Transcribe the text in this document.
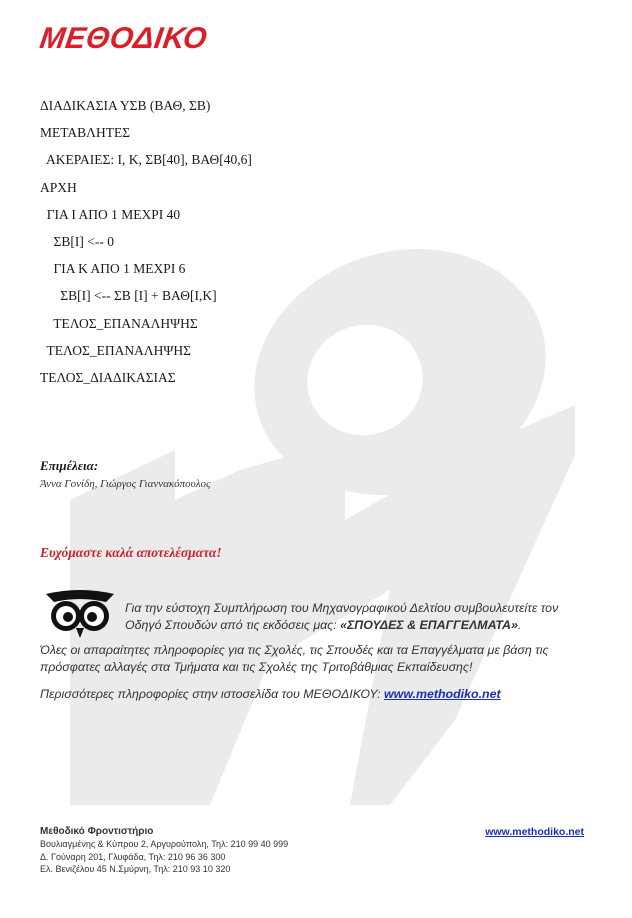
ΜΕΘΟΔΙΚΟ
ΔΙΑΔΙΚΑΣΙΑ ΥΣΒ (ΒΑΘ, ΣΒ)
ΜΕΤΑΒΛΗΤΕΣ
ΑΚΕΡΑΙΕΣ: Ι, Κ, ΣΒ[40], ΒΑΘ[40,6]
ΑΡΧΗ
ΓΙΑ Ι ΑΠΟ 1 ΜΕΧΡΙ 40
ΣΒ[Ι] <-- 0
ΓΙΑ Κ ΑΠΟ 1 ΜΕΧΡΙ 6
ΣΒ[Ι] <-- ΣΒ [Ι] + ΒΑΘ[Ι,Κ]
ΤΕΛΟΣ_ΕΠΑΝΑΛΗΨΗΣ
ΤΕΛΟΣ_ΕΠΑΝΑΛΗΨΗΣ
ΤΕΛΟΣ_ΔΙΑΔΙΚΑΣΙΑΣ
Επιμέλεια:
Άννα Γονίδη, Γιώργος Γιαννακόπουλος
Ευχόμαστε καλά αποτελέσματα!
Για την εύστοχη Συμπλήρωση του Μηχανογραφικού Δελτίου συμβουλευτείτε τον Οδηγό Σπουδών από τις εκδόσεις μας: «ΣΠΟΥΔΕΣ & ΕΠΑΓΓΕΛΜΑΤΑ».
Όλες οι απαραίτητες πληροφορίες για τις Σχολές, τις Σπουδές και τα Επαγγέλματα με βάση τις πρόσφατες αλλαγές στα Τμήματα και τις Σχολές της Τριτοβάθμιας Εκπαίδευσης!
Περισσότερες πληροφορίες στην ιστοσελίδα του ΜΕΘΟΔΙΚΟΥ: www.methodiko.net
Μεθοδικό Φροντιστήριο
Βουλιαγμένης & Κύπρου 2, Αργυρούπολη, Τηλ: 210 99 40 999
Δ. Γούναρη 201, Γλυφάδα, Τηλ: 210 96 36 300
Ελ. Βενιζέλου 45 Ν.Σμύρνη, Τηλ: 210 93 10 320
www.methodiko.net
